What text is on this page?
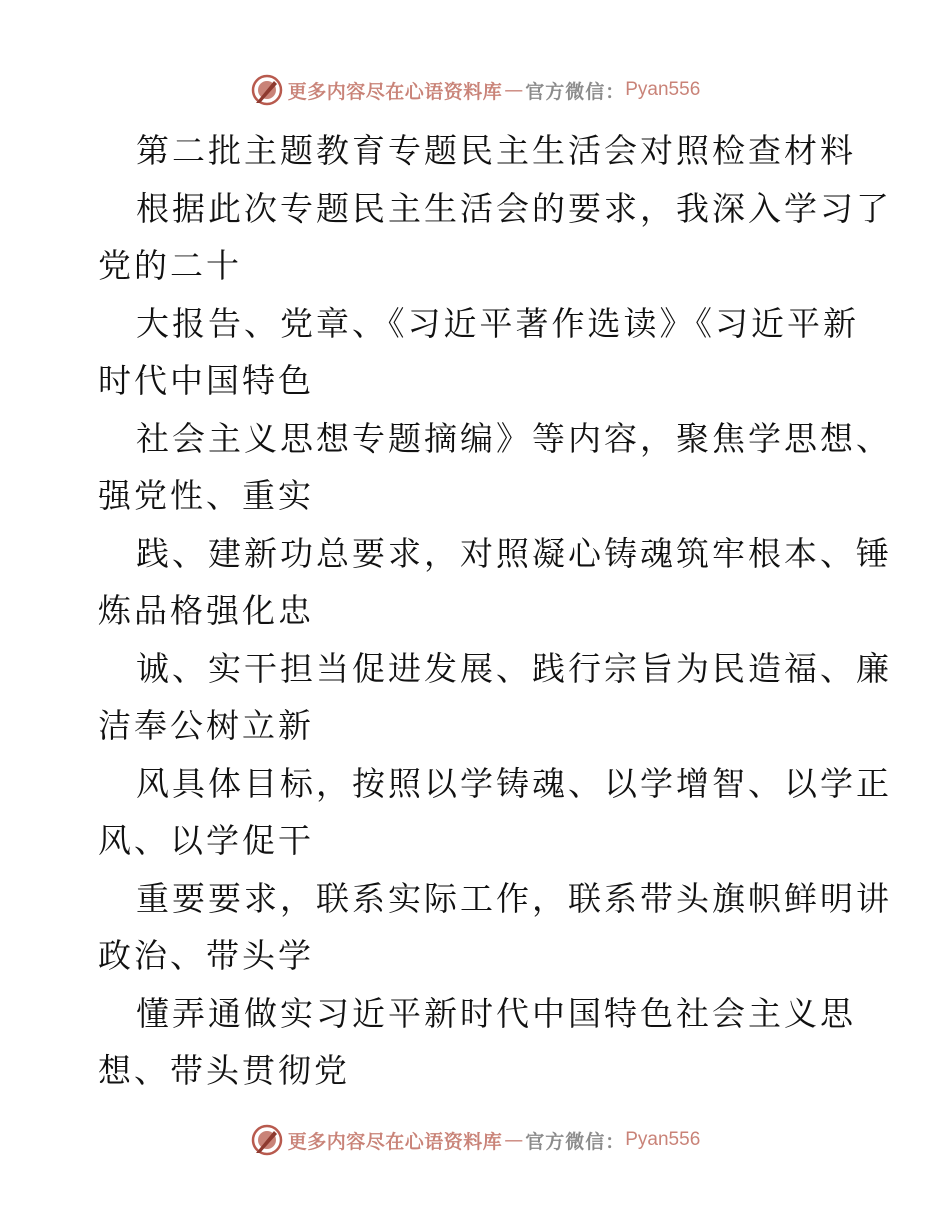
更多内容尽在心语资料库 — 官方微信： Pyan556
第二批主题教育专题民主生活会对照检查材料
根据此次专题民主生活会的要求，我深入学习了
党的二十
大报告、党章、《习近平著作选读》《习近平新
时代中国特色
社会主义思想专题摘编》等内容，聚焦学思想、
强党性、重实
践、建新功总要求，对照凝心铸魂筑牢根本、锤
炼品格强化忠
诚、实干担当促进发展、践行宗旨为民造福、廉
洁奉公树立新
风具体目标，按照以学铸魂、以学增智、以学正
风、以学促干
重要要求，联系实际工作，联系带头旗帜鲜明讲
政治、带头学
懂弄通做实习近平新时代中国特色社会主义思
想、带头贯彻党
更多内容尽在心语资料库 — 官方微信： Pyan556
